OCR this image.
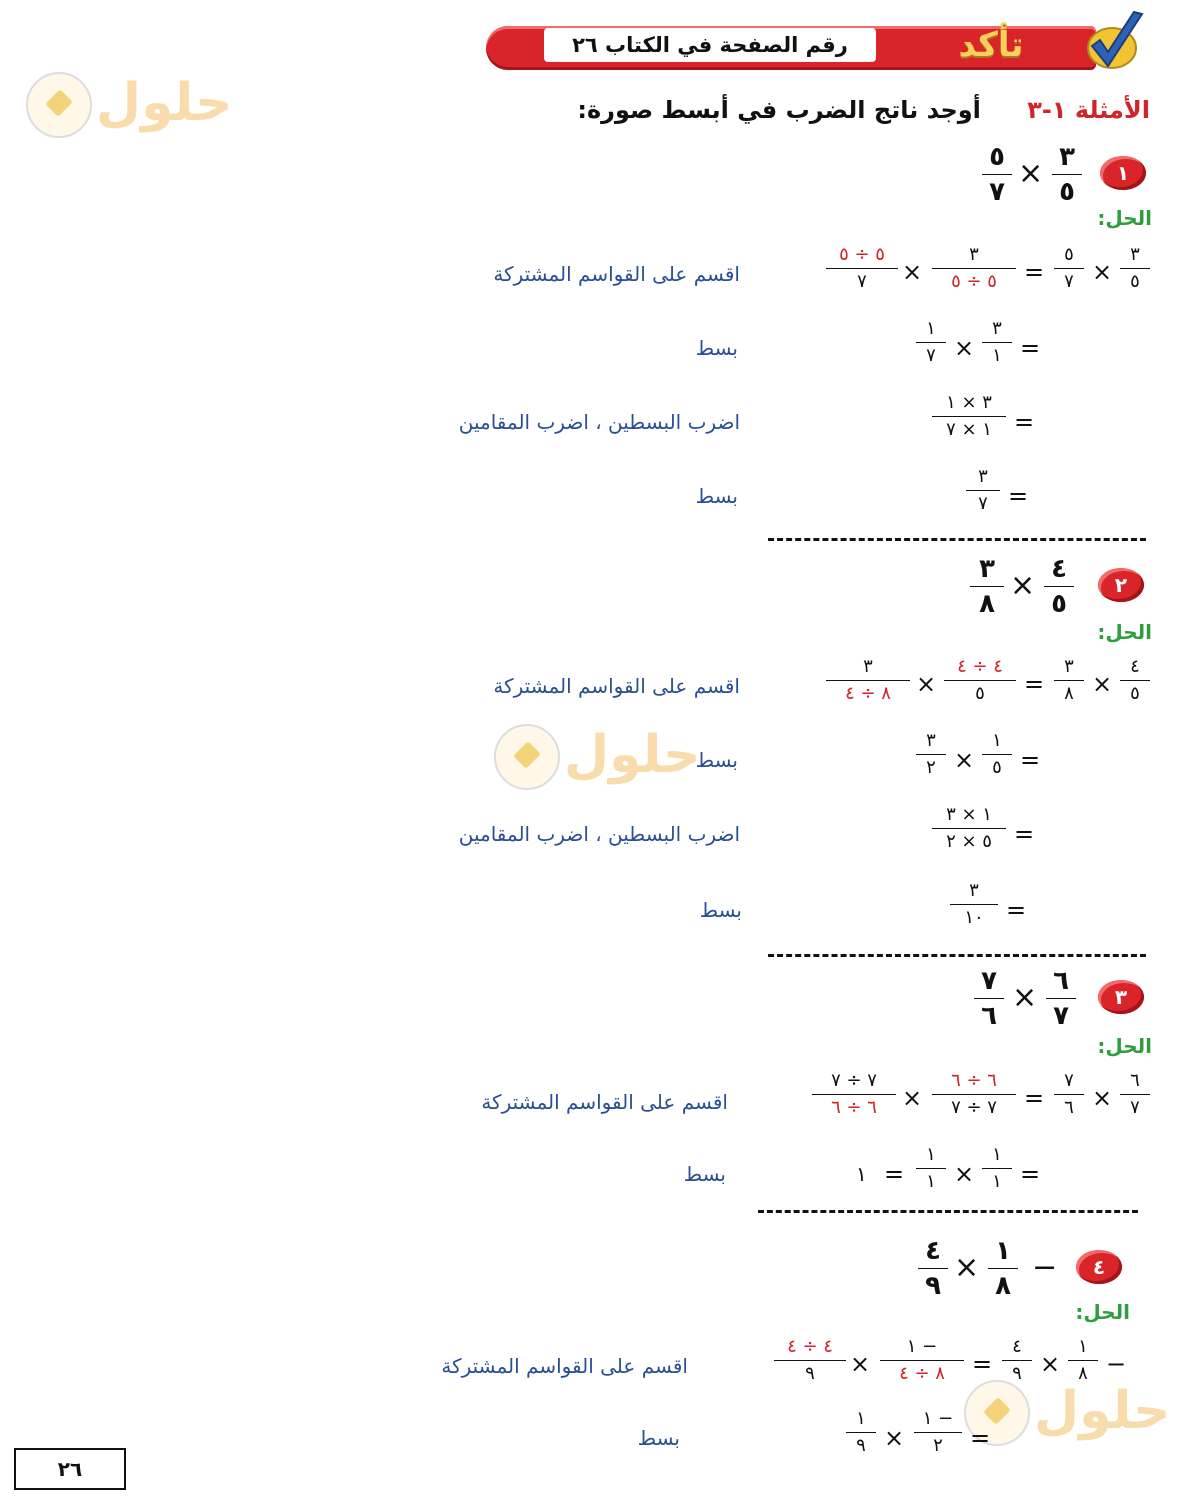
حلول
حلول
حلول
رقم الصفحة في الكتاب ٢٦	تأكد
الأمثلة ١-٣ أوجد ناتج الضرب في أبسط صورة:
١
٣
٥
×
٥
٧
الحل:
٣
٥
×
٥
٧
=
٣
٥ ÷ ٥
×
٥ ÷ ٥
٧
اقسم على القواسم المشتركة
=
٣
١
×
١
٧
بسط
=
٣ × ١
١ × ٧
اضرب البسطين ، اضرب المقامين
=
٣
٧
بسط
٢
٤
٥
×
٣
٨
الحل:
٤
٥
×
٣
٨
=
٤ ÷ ٤
٥
×
٣
٨ ÷ ٤
اقسم على القواسم المشتركة
=
١
٥
×
٣
٢
بسط
=
١ × ٣
٥ × ٢
اضرب البسطين ، اضرب المقامين
=
٣
١٠
بسط
٣
٦
٧
×
٧
٦
الحل:
٦
٧
×
٧
٦
=
٦ ÷ ٦
٧ ÷ ٧
×
٧ ÷ ٧
٦ ÷ ٦
اقسم على القواسم المشتركة
=
١
١
×
١
١
=
١
بسط
٤
−
١
٨
×
٤
٩
الحل:
−
١
٨
×
٤
٩
=
١ −
٨ ÷ ٤
×
٤ ÷ ٤
٩
اقسم على القواسم المشتركة
=
١ −
٢
×
١
٩
بسط
٢٦
